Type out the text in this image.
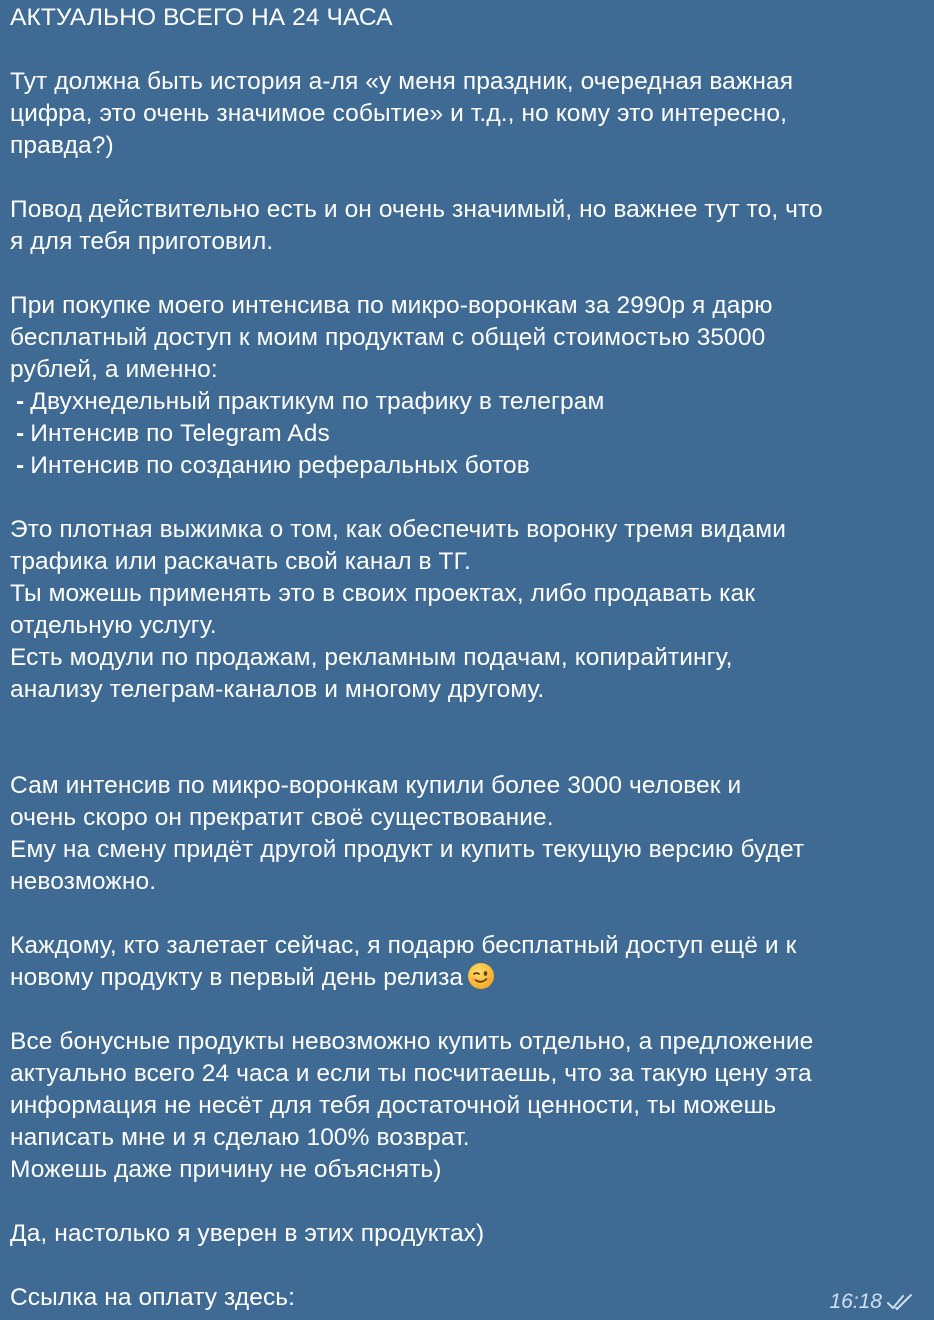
АКТУАЛЬНО ВСЕГО НА 24 ЧАСА
Тут должна быть история а-ля «у меня праздник, очередная важная
цифра, это очень значимое событие» и т.д., но кому это интересно,
правда?)
Повод действительно есть и он очень значимый, но важнее тут то, что
я для тебя приготовил.
При покупке моего интенсива по микро-воронкам за 2990р я дарю
бесплатный доступ к моим продуктам с общей стоимостью 35000
рублей, а именно:
- Двухнедельный практикум по трафику в телеграм
- Интенсив по Telegram Ads
- Интенсив по созданию реферальных ботов
Это плотная выжимка о том, как обеспечить воронку тремя видами
трафика или раскачать свой канал в ТГ.
Ты можешь применять это в своих проектах, либо продавать как
отдельную услугу.
Есть модули по продажам, рекламным подачам, копирайтингу,
анализу телеграм-каналов и многому другому.
Сам интенсив по микро-воронкам купили более 3000 человек и
очень скоро он прекратит своё существование.
Ему на смену придёт другой продукт и купить текущую версию будет
невозможно.
Каждому, кто залетает сейчас, я подарю бесплатный доступ ещё и к
новому продукту в первый день релиза
Все бонусные продукты невозможно купить отдельно, а предложение
актуально всего 24 часа и если ты посчитаешь, что за такую цену эта
информация не несёт для тебя достаточной ценности, ты можешь
написать мне и я сделаю 100% возврат.
Можешь даже причину не объяснять)
Да, настолько я уверен в этих продуктах)
Ссылка на оплату здесь:	16:18
